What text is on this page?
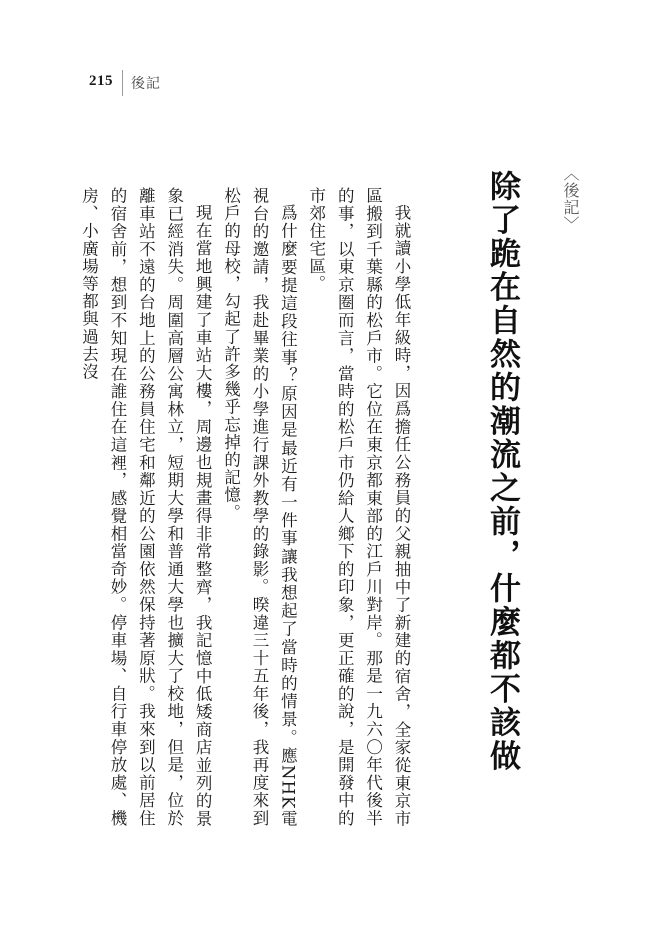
215 後記
〈後記〉
除了跪在自然的潮流之前，什麼都不該做

我就讀小學低年級時，因爲擔任公務員的父親抽中了新建的宿舍，全家從東京市區搬到千葉縣的松戶市。它位在東京都東部的江戶川對岸。那是一九六〇年代後半的事，以東京圈而言，當時的松戶市仍給人鄉下的印象，更正確的說，是開發中的市郊住宅區。

爲什麼要提這段往事？原因是最近有一件事讓我想起了當時的情景。應NHK電視台的邀請，我赴畢業的小學進行課外教學的錄影。暌違三十五年後，我再度來到松戶的母校，勾起了許多幾乎忘掉的記憶。

現在當地興建了車站大樓，周邊也規畫得非常整齊，我記憶中低矮商店並列的景象已經消失。周圍高層公寓林立，短期大學和普通大學也擴大了校地，但是，位於離車站不遠的台地上的公務員住宅和鄰近的公園依然保持著原狀。我來到以前居住的宿舍前，想到不知現在誰住在這裡，感覺相當奇妙。停車場、自行車停放處、機房、小廣場等都與過去沒
